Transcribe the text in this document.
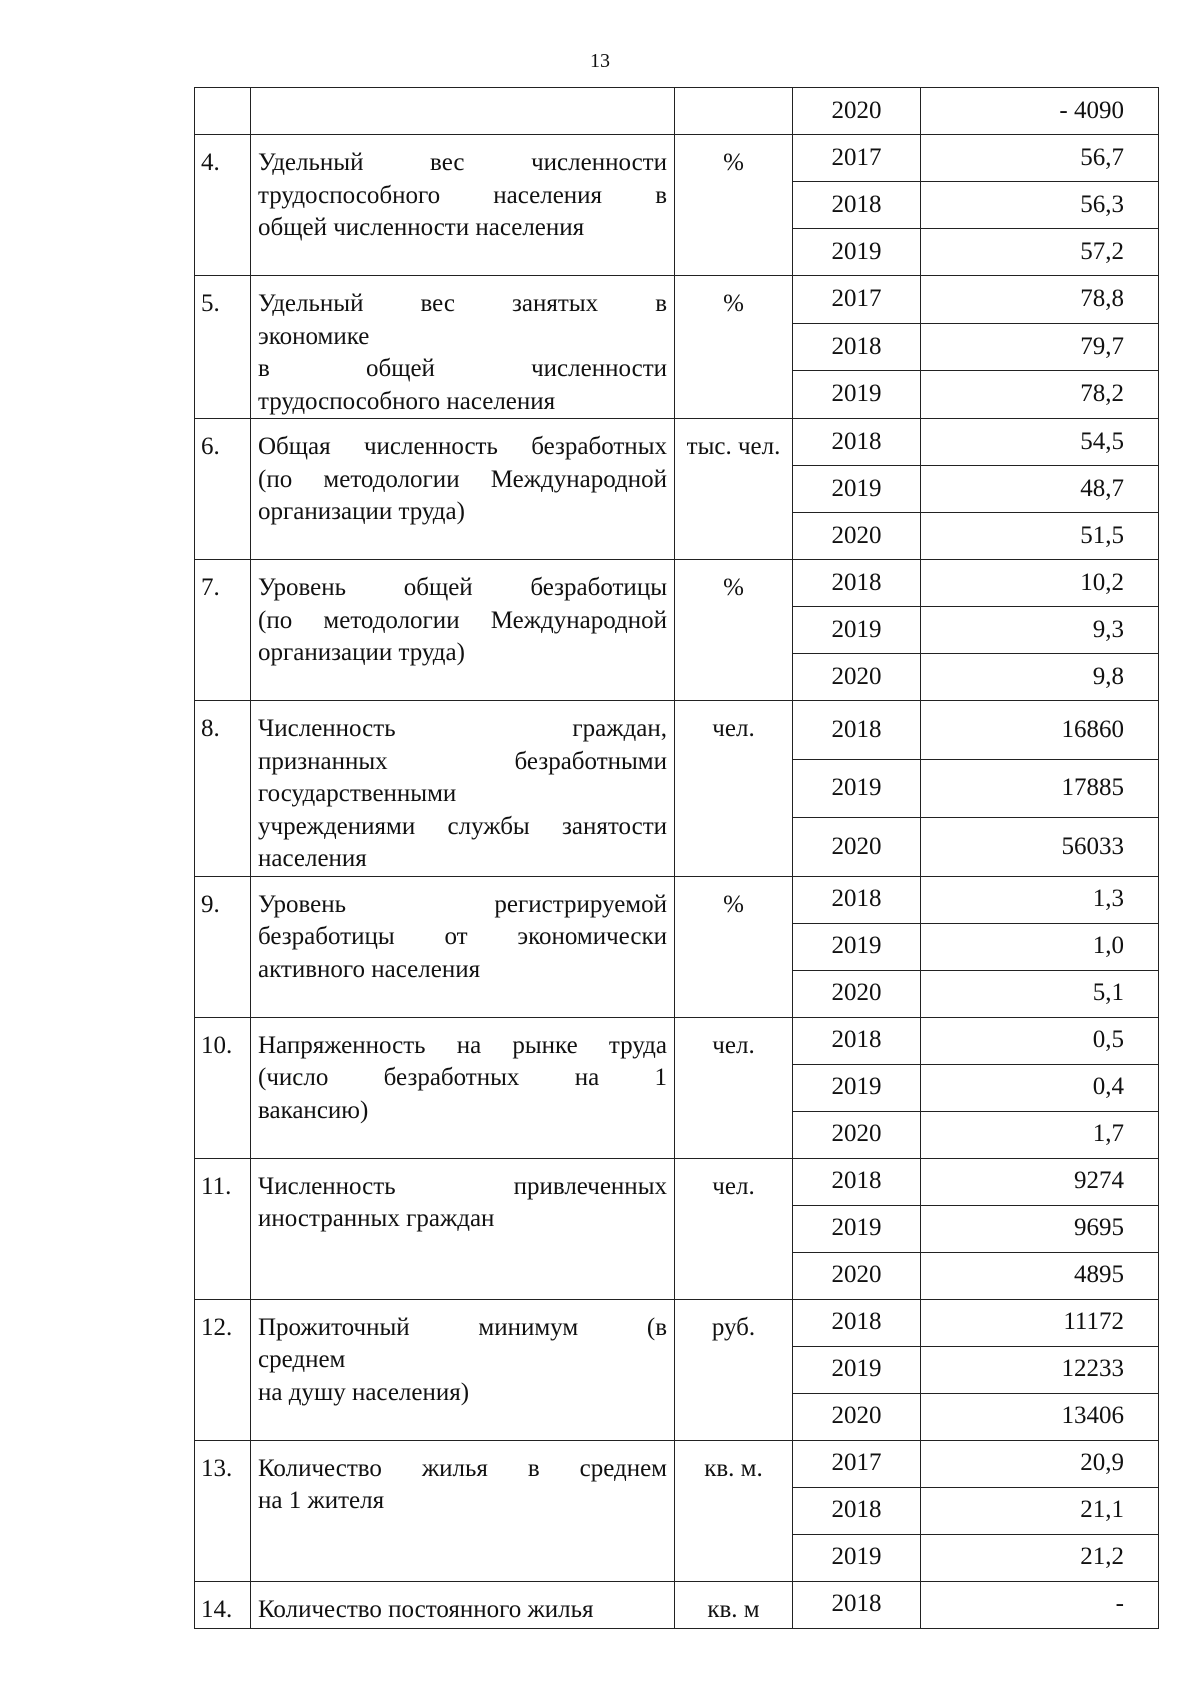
13
			2020	- 4090
4.	Удельный вес численности
трудоспособного населения в
общей численности населения	%	2017	56,7
			2018	56,3
			2019	57,2
5.	Удельный вес занятых в
экономике
в общей численности
трудоспособного населения	%	2017	78,8
			2018	79,7
			2019	78,2
6.	Общая численность безработных
(по методологии Международной
организации труда)	тыс. чел.	2018	54,5
			2019	48,7
			2020	51,5
7.	Уровень общей безработицы
(по методологии Международной
организации труда)	%	2018	10,2
			2019	9,3
			2020	9,8
8.	Численность граждан,
признанных безработными
государственными
учреждениями службы занятости
населения	чел.	2018	16860
			2019	17885
			2020	56033
9.	Уровень регистрируемой
безработицы от экономически
активного населения	%	2018	1,3
			2019	1,0
			2020	5,1
10.	Напряженность на рынке труда
(число безработных на 1
вакансию)	чел.	2018	0,5
			2019	0,4
			2020	1,7
11.	Численность привлеченных
иностранных граждан	чел.	2018	9274
			2019	9695
			2020	4895
12.	Прожиточный минимум (в
среднем
на душу населения)	руб.	2018	11172
			2019	12233
			2020	13406
13.	Количество жилья в среднем
на 1 жителя	кв. м.	2017	20,9
			2018	21,1
			2019	21,2
14.	Количество постоянного жилья	кв. м	2018	-
